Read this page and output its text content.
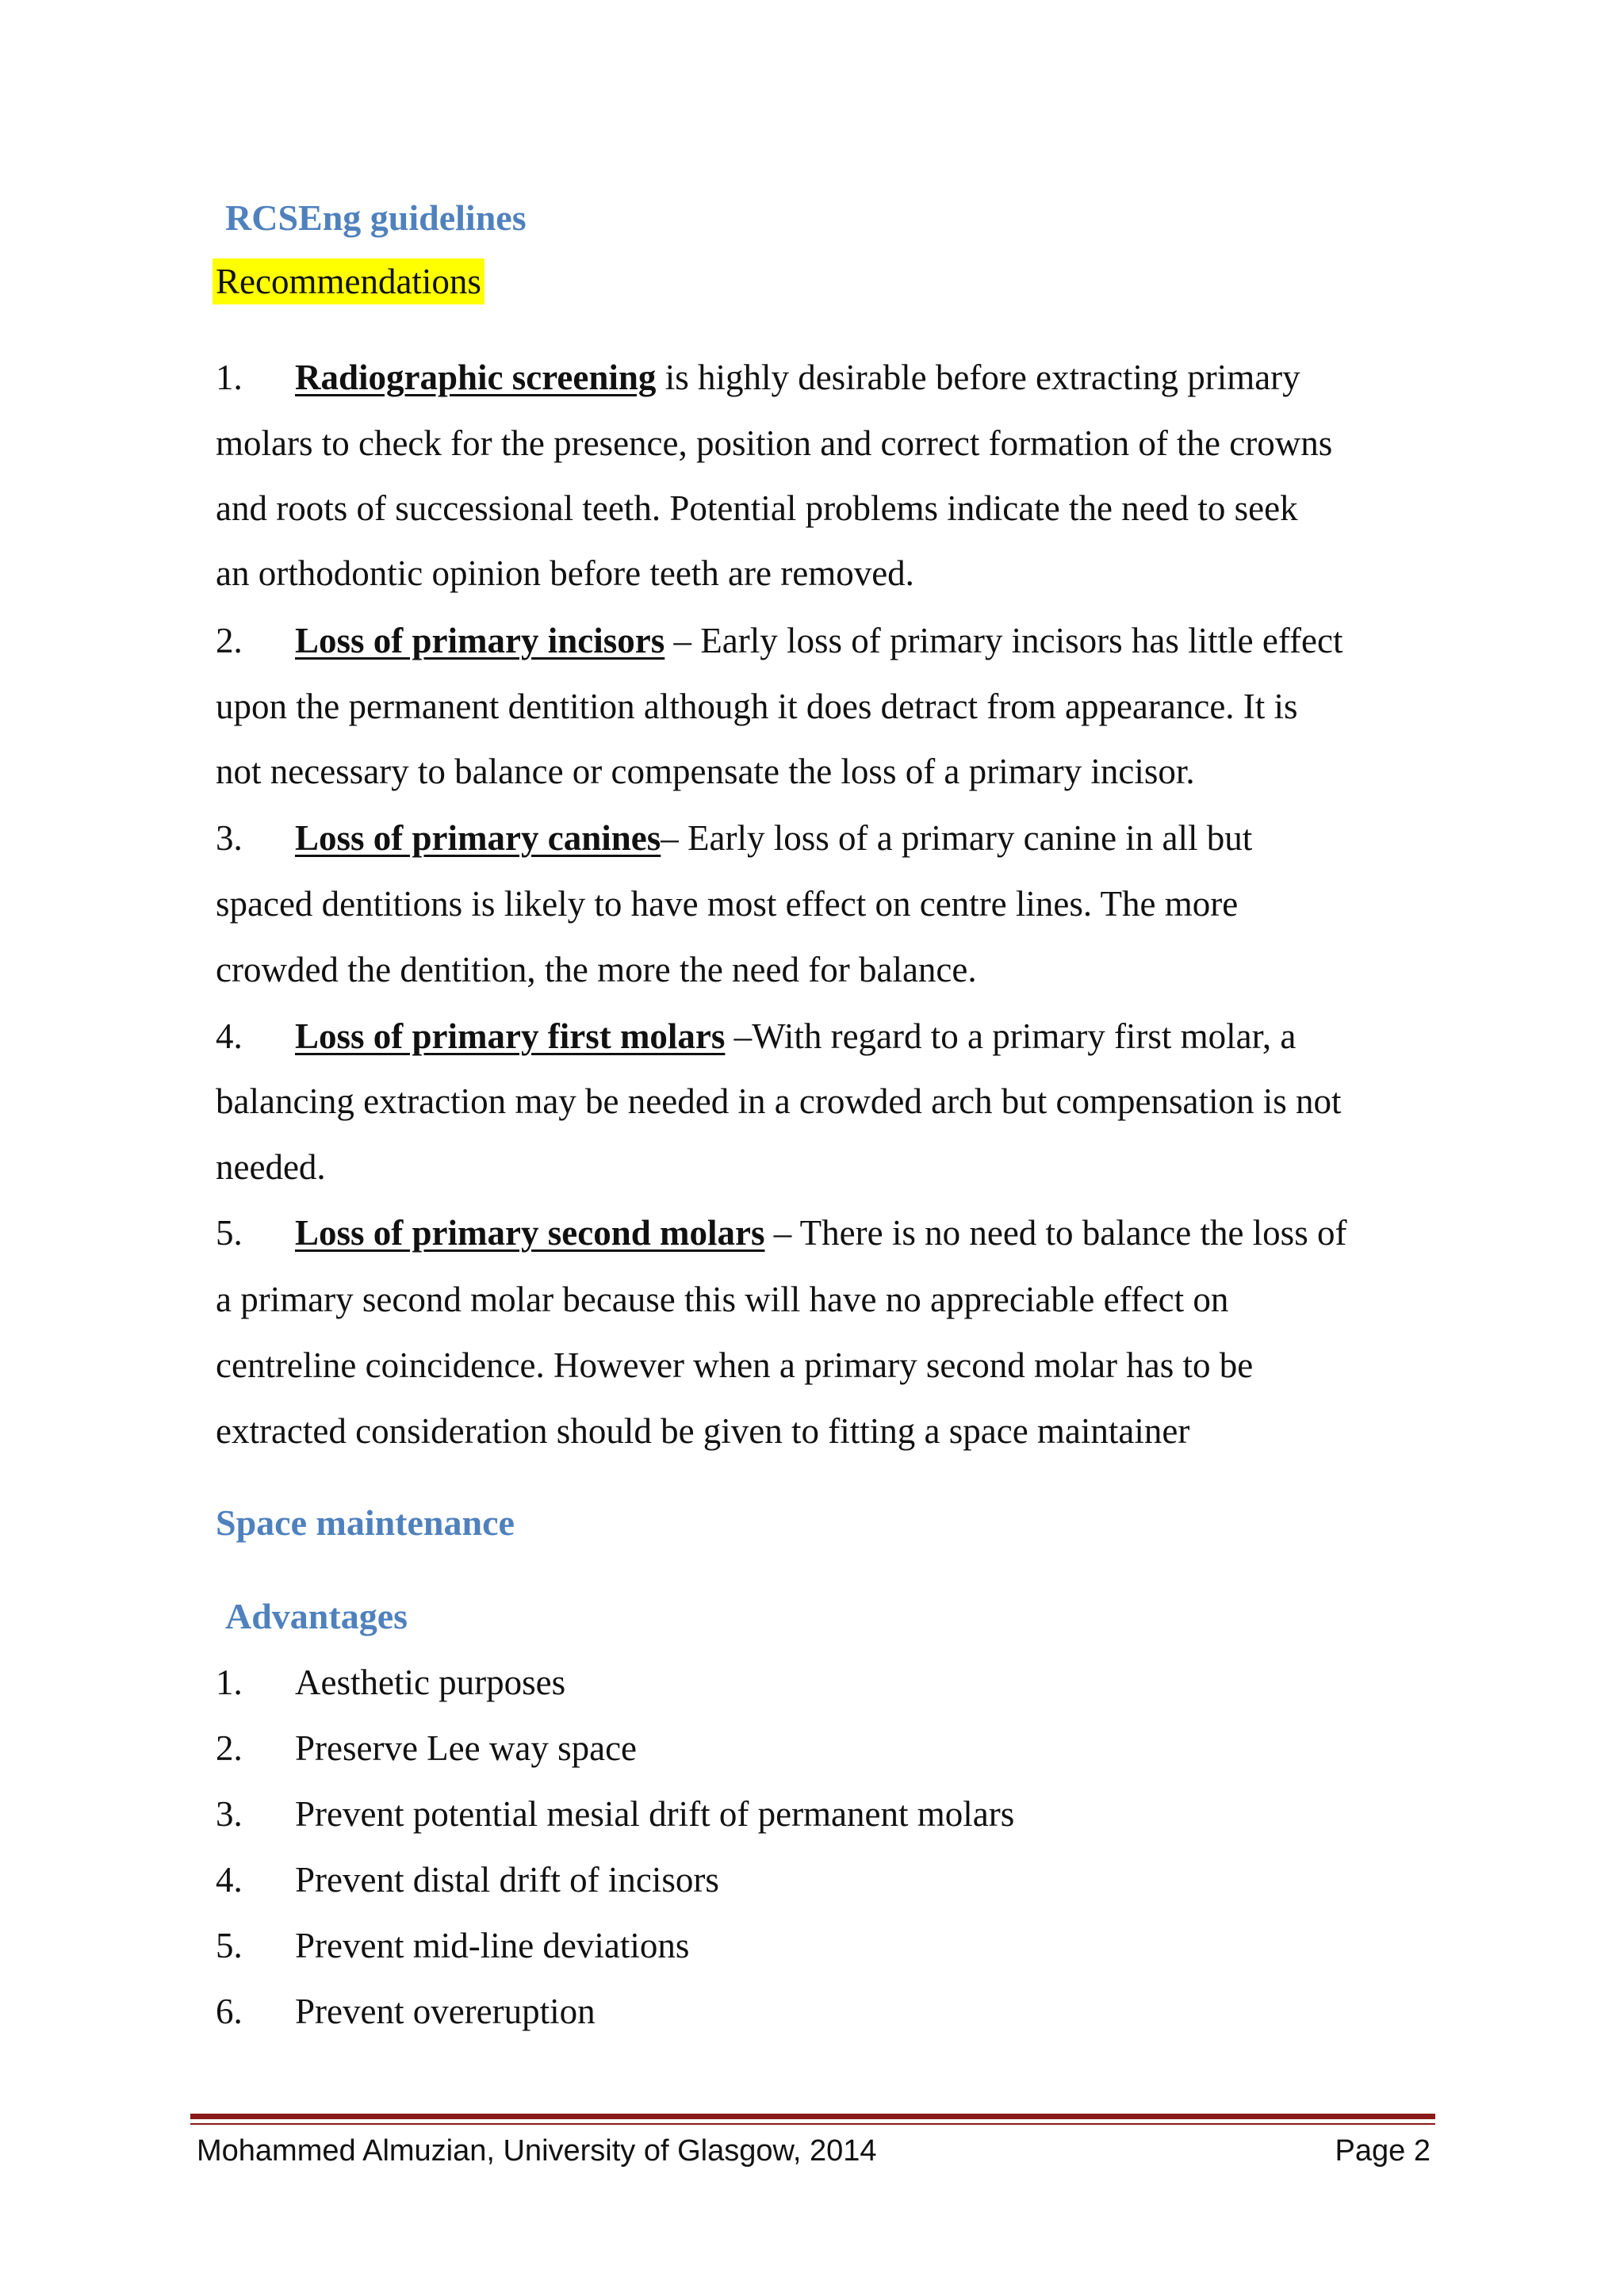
RCSEng guidelines
Recommendations
1. Radiographic screening is highly desirable before extracting primary
molars to check for the presence, position and correct formation of the crowns
and roots of successional teeth. Potential problems indicate the need to seek
an orthodontic opinion before teeth are removed.
2. Loss of primary incisors – Early loss of primary incisors has little effect
upon the permanent dentition although it does detract from appearance. It is
not necessary to balance or compensate the loss of a primary incisor.
3. Loss of primary canines– Early loss of a primary canine in all but
spaced dentitions is likely to have most effect on centre lines. The more
crowded the dentition, the more the need for balance.
4. Loss of primary first molars –With regard to a primary first molar, a
balancing extraction may be needed in a crowded arch but compensation is not
needed.
5. Loss of primary second molars – There is no need to balance the loss of
a primary second molar because this will have no appreciable effect on
centreline coincidence. However when a primary second molar has to be
extracted consideration should be given to fitting a space maintainer
Space maintenance
Advantages
1. Aesthetic purposes
2. Preserve Lee way space
3. Prevent potential mesial drift of permanent molars
4. Prevent distal drift of incisors
5. Prevent mid-line deviations
6. Prevent overeruption
Mohammed Almuzian, University of Glasgow, 2014	Page 2
